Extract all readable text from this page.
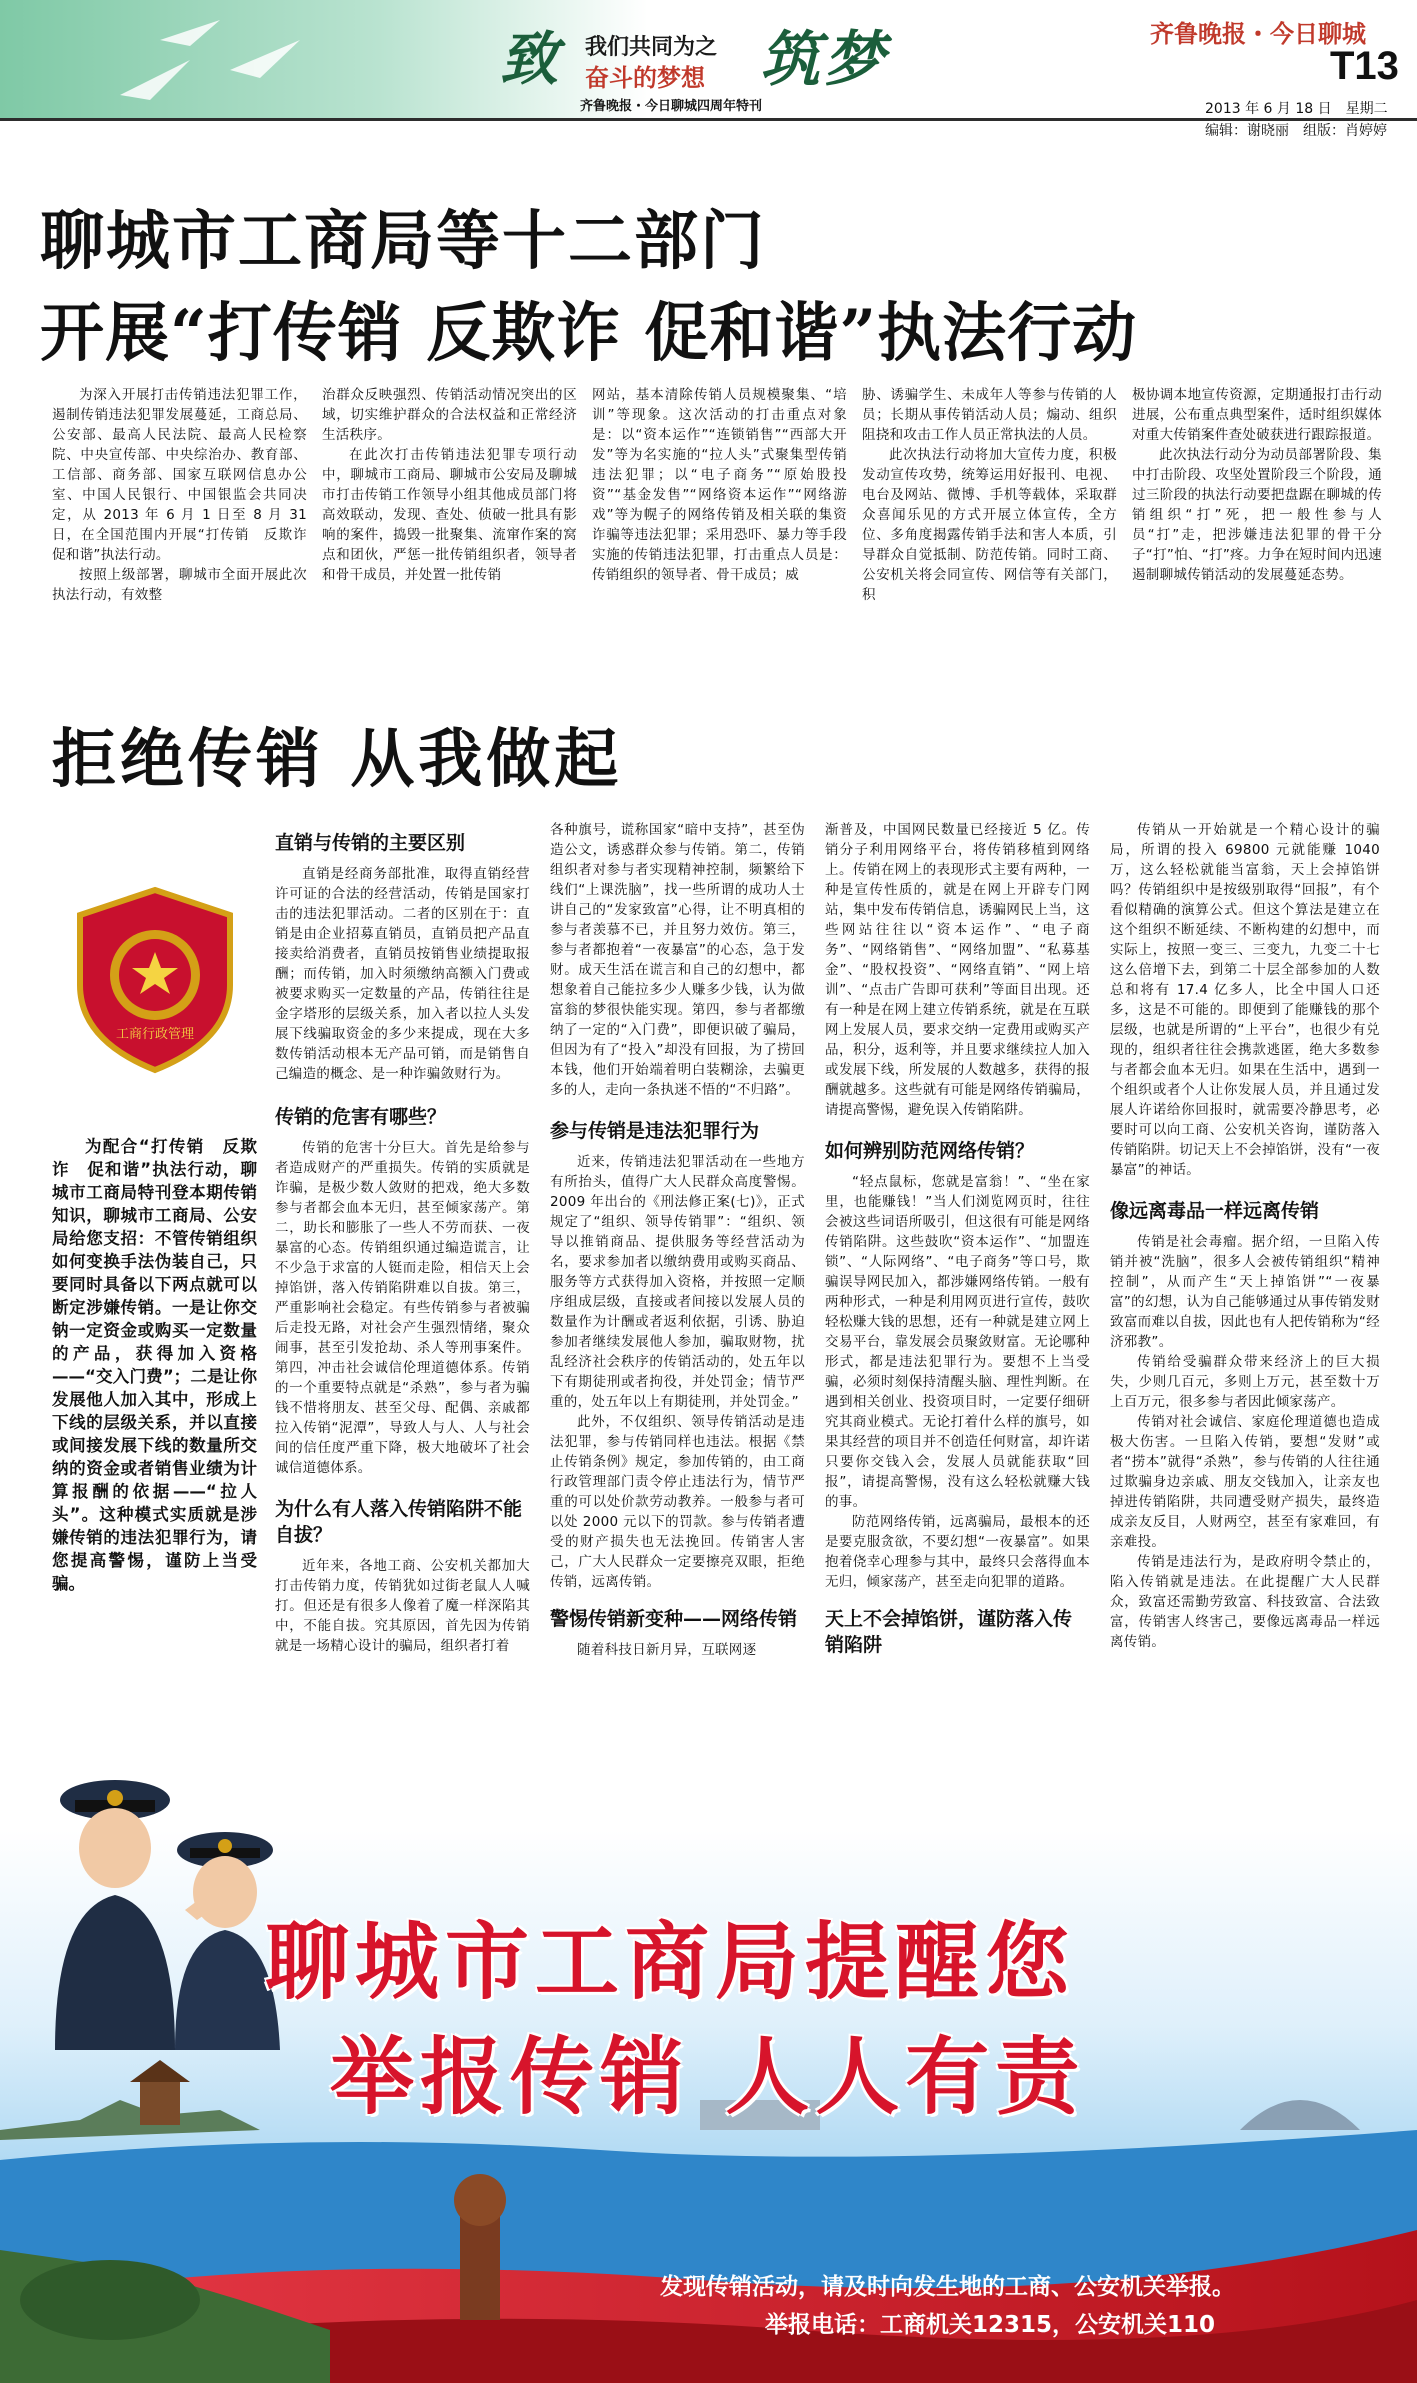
致 我们共同为之
奋斗的梦想 筑梦
齐鲁晚报・今日聊城四周年特刊
齐鲁晚报・今日聊城
T13
2013 年 6 月 18 日　星期二
编辑：谢晓丽　组版：肖婷婷
聊城市工商局等十二部门
开展“打传销 反欺诈 促和谐”执法行动

为深入开展打击传销违法犯罪工作，遏制传销违法犯罪发展蔓延，工商总局、公安部、最高人民法院、最高人民检察院、中央宣传部、中央综治办、教育部、工信部、商务部、国家互联网信息办公室、中国人民银行、中国银监会共同决定，从 2013 年 6 月 1 日至 8 月 31 日，在全国范围内开展“打传销　反欺诈　促和谐”执法行动。

按照上级部署，聊城市全面开展此次执法行动，有效整

治群众反映强烈、传销活动情况突出的区域，切实维护群众的合法权益和正常经济生活秩序。

在此次打击传销违法犯罪专项行动中，聊城市工商局、聊城市公安局及聊城市打击传销工作领导小组其他成员部门将高效联动，发现、查处、侦破一批具有影响的案件，捣毁一批聚集、流窜作案的窝点和团伙，严惩一批传销组织者，领导者和骨干成员，并处置一批传销

网站，基本清除传销人员规模聚集、“培训”等现象。这次活动的打击重点对象是：以“资本运作”“连锁销售”“西部大开发”等为名实施的“拉人头”式聚集型传销违法犯罪；以“电子商务”“原始股投资”“基金发售”“网络资本运作”“网络游戏”等为幌子的网络传销及相关联的集资诈骗等违法犯罪；采用恐吓、暴力等手段实施的传销违法犯罪，打击重点人员是：传销组织的领导者、骨干成员；威

胁、诱骗学生、未成年人等参与传销的人员；长期从事传销活动人员；煽动、组织阻挠和攻击工作人员正常执法的人员。

此次执法行动将加大宣传力度，积极发动宣传攻势，统筹运用好报刊、电视、电台及网站、微博、手机等载体，采取群众喜闻乐见的方式开展立体宣传，全方位、多角度揭露传销手法和害人本质，引导群众自觉抵制、防范传销。同时工商、公安机关将会同宣传、网信等有关部门，积

极协调本地宣传资源，定期通报打击行动进展，公布重点典型案件，适时组织媒体对重大传销案件查处破获进行跟踪报道。

此次执法行动分为动员部署阶段、集中打击阶段、攻坚处置阶段三个阶段，通过三阶段的执法行动要把盘踞在聊城的传销组织“打”死，把一般性参与人员“打”走，把涉嫌违法犯罪的骨干分子“打”怕、“打”疼。力争在短时间内迅速遏制聊城传销活动的发展蔓延态势。

拒绝传销 从我做起
工商行政管理
为配合“打传销　反欺诈　促和谐”执法行动，聊城市工商局特刊登本期传销知识，聊城市工商局、公安局给您支招：不管传销组织如何变换手法伪装自己，只要同时具备以下两点就可以断定涉嫌传销。一是让你交钠一定资金或购买一定数量的产品，获得加入资格——“交入门费”；二是让你发展他人加入其中，形成上下线的层级关系，并以直接或间接发展下线的数量所交纳的资金或者销售业绩为计算报酬的依据——“拉人头”。这种模式实质就是涉嫌传销的违法犯罪行为，请您提高警惕，谨防上当受骗。
直销与传销的主要区别

直销是经商务部批准，取得直销经营许可证的合法的经营活动，传销是国家打击的违法犯罪活动。二者的区别在于：直销是由企业招募直销员，直销员把产品直接卖给消费者，直销员按销售业绩提取报酬；而传销，加入时须缴纳高额入门费或被要求购买一定数量的产品，传销往往是金字塔形的层级关系，加入者以拉人头发展下线骗取资金的多少来提成，现在大多数传销活动根本无产品可销，而是销售自己编造的概念、是一种诈骗敛财行为。

传销的危害有哪些？

传销的危害十分巨大。首先是给参与者造成财产的严重损失。传销的实质就是诈骗，是极少数人敛财的把戏，绝大多数参与者都会血本无归，甚至倾家荡产。第二，助长和膨胀了一些人不劳而获、一夜暴富的心态。传销组织通过编造谎言，让不少急于求富的人铤而走险，相信天上会掉馅饼，落入传销陷阱难以自拔。第三，严重影响社会稳定。有些传销参与者被骗后走投无路，对社会产生强烈情绪，聚众闹事，甚至引发抢劫、杀人等刑事案件。第四，冲击社会诚信伦理道德体系。传销的一个重要特点就是“杀熟”，参与者为骗钱不惜将朋友、甚至父母、配偶、亲戚都拉入传销“泥潭”，导致人与人、人与社会间的信任度严重下降，极大地破坏了社会诚信道德体系。

为什么有人落入传销陷阱不能自拔？

近年来，各地工商、公安机关都加大打击传销力度，传销犹如过街老鼠人人喊打。但还是有很多人像着了魔一样深陷其中，不能自拔。究其原因，首先因为传销就是一场精心设计的骗局，组织者打着

各种旗号，谎称国家“暗中支持”，甚至伪造公文，诱惑群众参与传销。第二，传销组织者对参与者实现精神控制，频繁给下线们“上课洗脑”，找一些所谓的成功人士讲自己的“发家致富”心得，让不明真相的参与者羡慕不已，并且努力效仿。第三，参与者都抱着“一夜暴富”的心态，急于发财。成天生活在谎言和自己的幻想中，都想象着自己能拉多少人赚多少钱，认为做富翁的梦很快能实现。第四，参与者都缴纳了一定的“入门费”，即便识破了骗局，但因为有了“投入”却没有回报，为了捞回本钱，他们开始端着明白装糊涂，去骗更多的人，走向一条执迷不悟的“不归路”。

参与传销是违法犯罪行为

近来，传销违法犯罪活动在一些地方有所抬头，值得广大人民群众高度警惕。2009 年出台的《刑法修正案(七)》，正式规定了“组织、领导传销罪”：“组织、领导以推销商品、提供服务等经营活动为名，要求参加者以缴纳费用或购买商品、服务等方式获得加入资格，并按照一定顺序组成层级，直接或者间接以发展人员的数量作为计酬或者返利依据，引诱、胁迫参加者继续发展他人参加，骗取财物，扰乱经济社会秩序的传销活动的，处五年以下有期徒刑或者拘役，并处罚金；情节严重的，处五年以上有期徒刑，并处罚金。”

此外，不仅组织、领导传销活动是违法犯罪，参与传销同样也违法。根据《禁止传销条例》规定，参加传销的，由工商行政管理部门责令停止违法行为，情节严重的可以处价款劳动教养。一般参与者可以处 2000 元以下的罚款。参与传销者遭受的财产损失也无法挽回。传销害人害己，广大人民群众一定要擦亮双眼，拒绝传销，远离传销。

警惕传销新变种——网络传销

随着科技日新月异，互联网逐

渐普及，中国网民数量已经接近 5 亿。传销分子利用网络平台，将传销移植到网络上。传销在网上的表现形式主要有两种，一种是宣传性质的，就是在网上开辟专门网站，集中发布传销信息，诱骗网民上当，这些网站往往以“资本运作”、“电子商务”、“网络销售”、“网络加盟”、“私募基金”、“股权投资”、“网络直销”、“网上培训”、“点击广告即可获利”等面目出现。还有一种是在网上建立传销系统，就是在互联网上发展人员，要求交纳一定费用或购买产品，积分，返利等，并且要求继续拉人加入或发展下线，所发展的人数越多，获得的报酬就越多。这些就有可能是网络传销骗局，请提高警惕，避免误入传销陷阱。

如何辨别防范网络传销？

“轻点鼠标，您就是富翁！”、“坐在家里，也能赚钱！”当人们浏览网页时，往往会被这些词语所吸引，但这很有可能是网络传销陷阱。这些鼓吹“资本运作”、“加盟连锁”、“人际网络”、“电子商务”等口号，欺骗误导网民加入，都涉嫌网络传销。一般有两种形式，一种是利用网页进行宣传，鼓吹轻松赚大钱的思想，还有一种就是建立网上交易平台，靠发展会员聚敛财富。无论哪种形式，都是违法犯罪行为。要想不上当受骗，必须时刻保持清醒头脑、理性判断。在遇到相关创业、投资项目时，一定要仔细研究其商业模式。无论打着什么样的旗号，如果其经营的项目并不创造任何财富，却许诺只要你交钱入会，发展人员就能获取“回报”，请提高警惕，没有这么轻松就赚大钱的事。

防范网络传销，远离骗局，最根本的还是要克服贪欲，不要幻想“一夜暴富”。如果抱着侥幸心理参与其中，最终只会落得血本无归，倾家荡产，甚至走向犯罪的道路。

天上不会掉馅饼，谨防落入传销陷阱

传销从一开始就是一个精心设计的骗局，所谓的投入 69800 元就能赚 1040 万，这么轻松就能当富翁，天上会掉馅饼吗？传销组织中是按级别取得“回报”，有个看似精确的演算公式。但这个算法是建立在这个组织不断延续、不断构建的幻想中，而实际上，按照一变三、三变九，九变二十七这么倍增下去，到第二十层全部参加的人数总和将有 17.4 亿多人，比全中国人口还多，这是不可能的。即便到了能赚钱的那个层级，也就是所谓的“上平台”，也很少有兑现的，组织者往往会携款逃匿，绝大多数参与者都会血本无归。如果在生活中，遇到一个组织或者个人让你发展人员，并且通过发展人许诺给你回报时，就需要冷静思考，必要时可以向工商、公安机关咨询，谨防落入传销陷阱。切记天上不会掉馅饼，没有“一夜暴富”的神话。

像远离毒品一样远离传销

传销是社会毒瘤。据介绍，一旦陷入传销并被“洗脑”，很多人会被传销组织“精神控制”，从而产生“天上掉馅饼”“一夜暴富”的幻想，认为自己能够通过从事传销发财致富而难以自拔，因此也有人把传销称为“经济邪教”。

传销给受骗群众带来经济上的巨大损失，少则几百元，多则上万元，甚至数十万上百万元，很多参与者因此倾家荡产。

传销对社会诚信、家庭伦理道德也造成极大伤害。一旦陷入传销，要想“发财”或者“捞本”就得“杀熟”，参与传销的人往往通过欺骗身边亲戚、朋友交钱加入，让亲友也掉进传销陷阱，共同遭受财产损失，最终造成亲友反目，人财两空，甚至有家难回，有亲难投。

传销是违法行为，是政府明令禁止的，陷入传销就是违法。在此提醒广大人民群众，致富还需勤劳致富、科技致富、合法致富，传销害人终害己，要像远离毒品一样远离传销。

聊城市工商局提醒您
举报传销 人人有责
发现传销活动，请及时向发生地的工商、公安机关举报。
举报电话：工商机关12315，公安机关110
